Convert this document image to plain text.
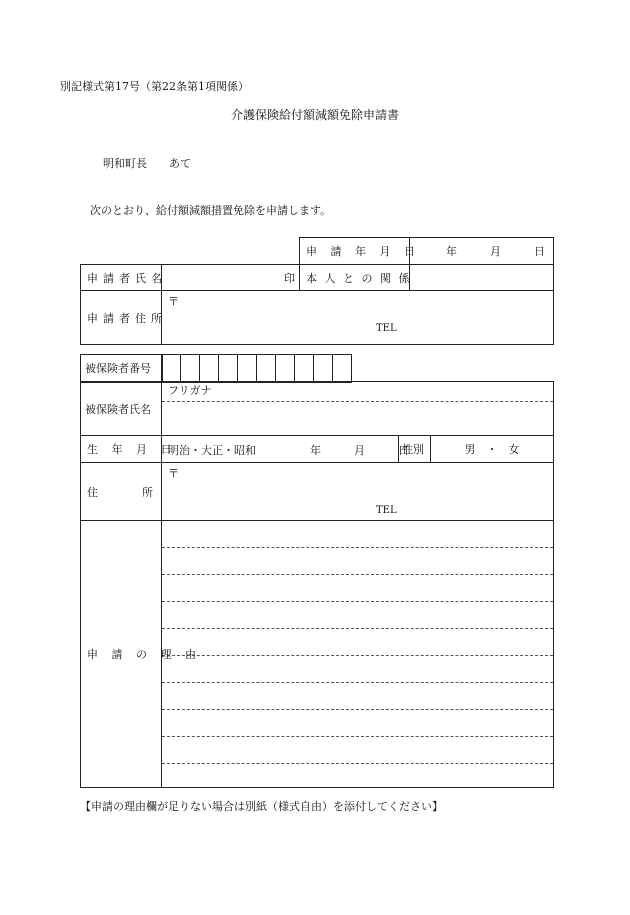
別記様式第17号（第22条第1項関係）
介護保険給付額減額免除申請書
明和町長　　あて
次のとおり、給付額減額措置免除を申請します。
		申 請 年 月 日	年　　　月　　　日
申請者氏名	印	本 人 と の 関 係	
申請者住所	〒
TEL		
被保険者番号
被保険者氏名	フリガナ		

生 年 月 日	明治・大正・昭和 年　　　月　　　日	性別	男　・　女
住　　　　所	〒
TEL		

申 請 の 理 由			
【申請の理由欄が足りない場合は別紙（様式自由）を添付してください】
